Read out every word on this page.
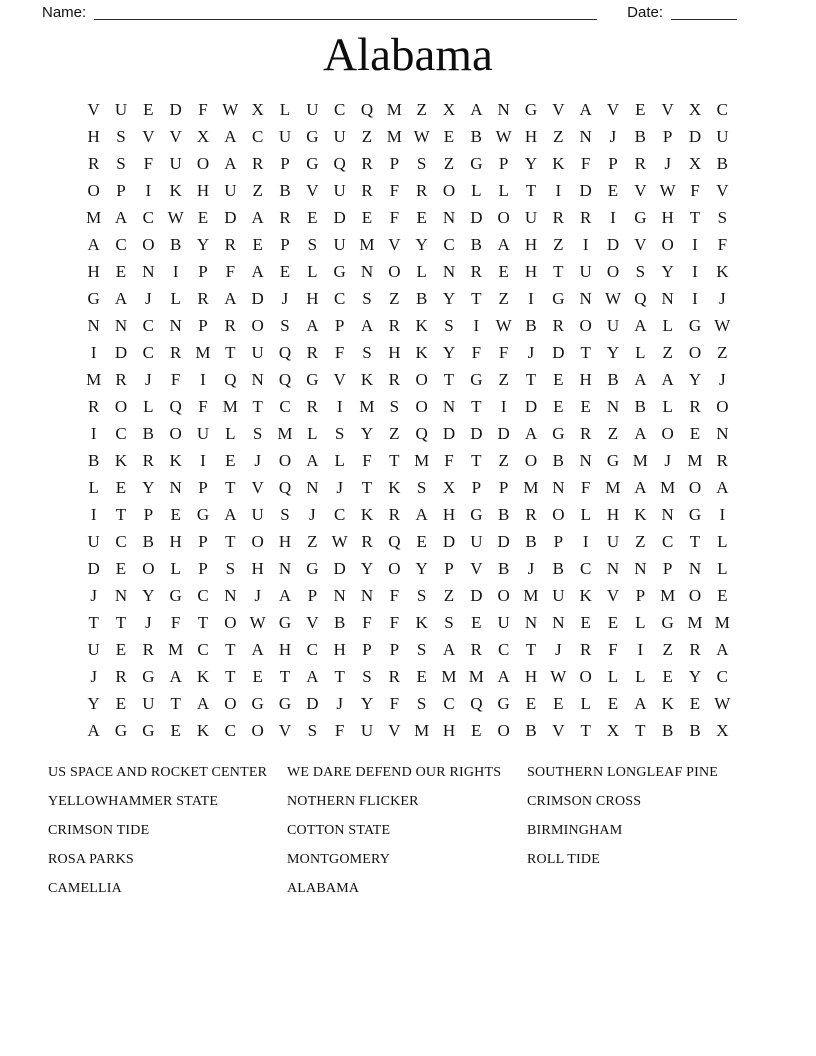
Name:	Date:
Alabama
V U E D F W X L U C Q M Z X A N G V A V E V X C
H S V V X A C U G U Z M W E B W H Z N	J	B P D U
R S	F U O A R P G Q R P	S	Z G P Y K F	P R	J	X B
O P	I	K H U Z B V U R F R O L L T	I	D E V W F V
M A C W E D A R E D E	F	E N D O U R R	I	G H T	S
A C O B Y R E	P	S U M V Y C B A H Z	I	D V O	I	F
H E N	I	P	F A E L G N O L N R E H T U O S Y	I	K
G A	J	L R A D	J	H C S	Z B Y T Z	I	G N W Q N	I	J
N N C N P R O S A P A R K S	I W B R O U A L G W
I	D C R M T U Q R F	S H K Y F	F	J	D T Y L Z O Z
M R	J	F	I	Q N Q G V K R O T G Z T E H B A A Y	J
R O L Q F M T C R	I M S O N T	I	D E E N B L R O
I	C B O U L	S M L	S Y Z Q D D D A G R Z A O E N
B K R K	I	E	J	O A L	F	T M F	T Z O B N G M J M R
L E Y N P	T V Q N	J	T K S X P	P M N F M A M O A
I	T	P	E G A U S	J	C K R A H G B R O L H K N G	I
U C B H P	T O H Z W R Q E D U D B P	I	U Z C T L
D E O L	P	S H N G D Y O Y P V B	J	B C N N P N L
J	N Y G C N	J	A P N N F	S	Z D O M U K V P M O E
T T	J	F	T O W G V B F	F K S	E U N N E E L G M M
U E R M C T A H C H P	P	S A R C T	J	R F	I	Z R A
J	R G A K T E T A T	S R E M M A H W O L L E Y C
Y E U T A O G G D	J	Y F	S C Q G E E L E A K E W
A G G E K C O V S	F U V M H E O B V T X T B B X
US SPACE AND ROCKET CENTER
YELLOWHAMMER STATE
CRIMSON TIDE
ROSA PARKS
CAMELLIA
WE DARE DEFEND OUR RIGHTS
NOTHERN FLICKER
COTTON STATE
MONTGOMERY
ALABAMA
SOUTHERN LONGLEAF PINE
CRIMSON CROSS
BIRMINGHAM
ROLL TIDE
